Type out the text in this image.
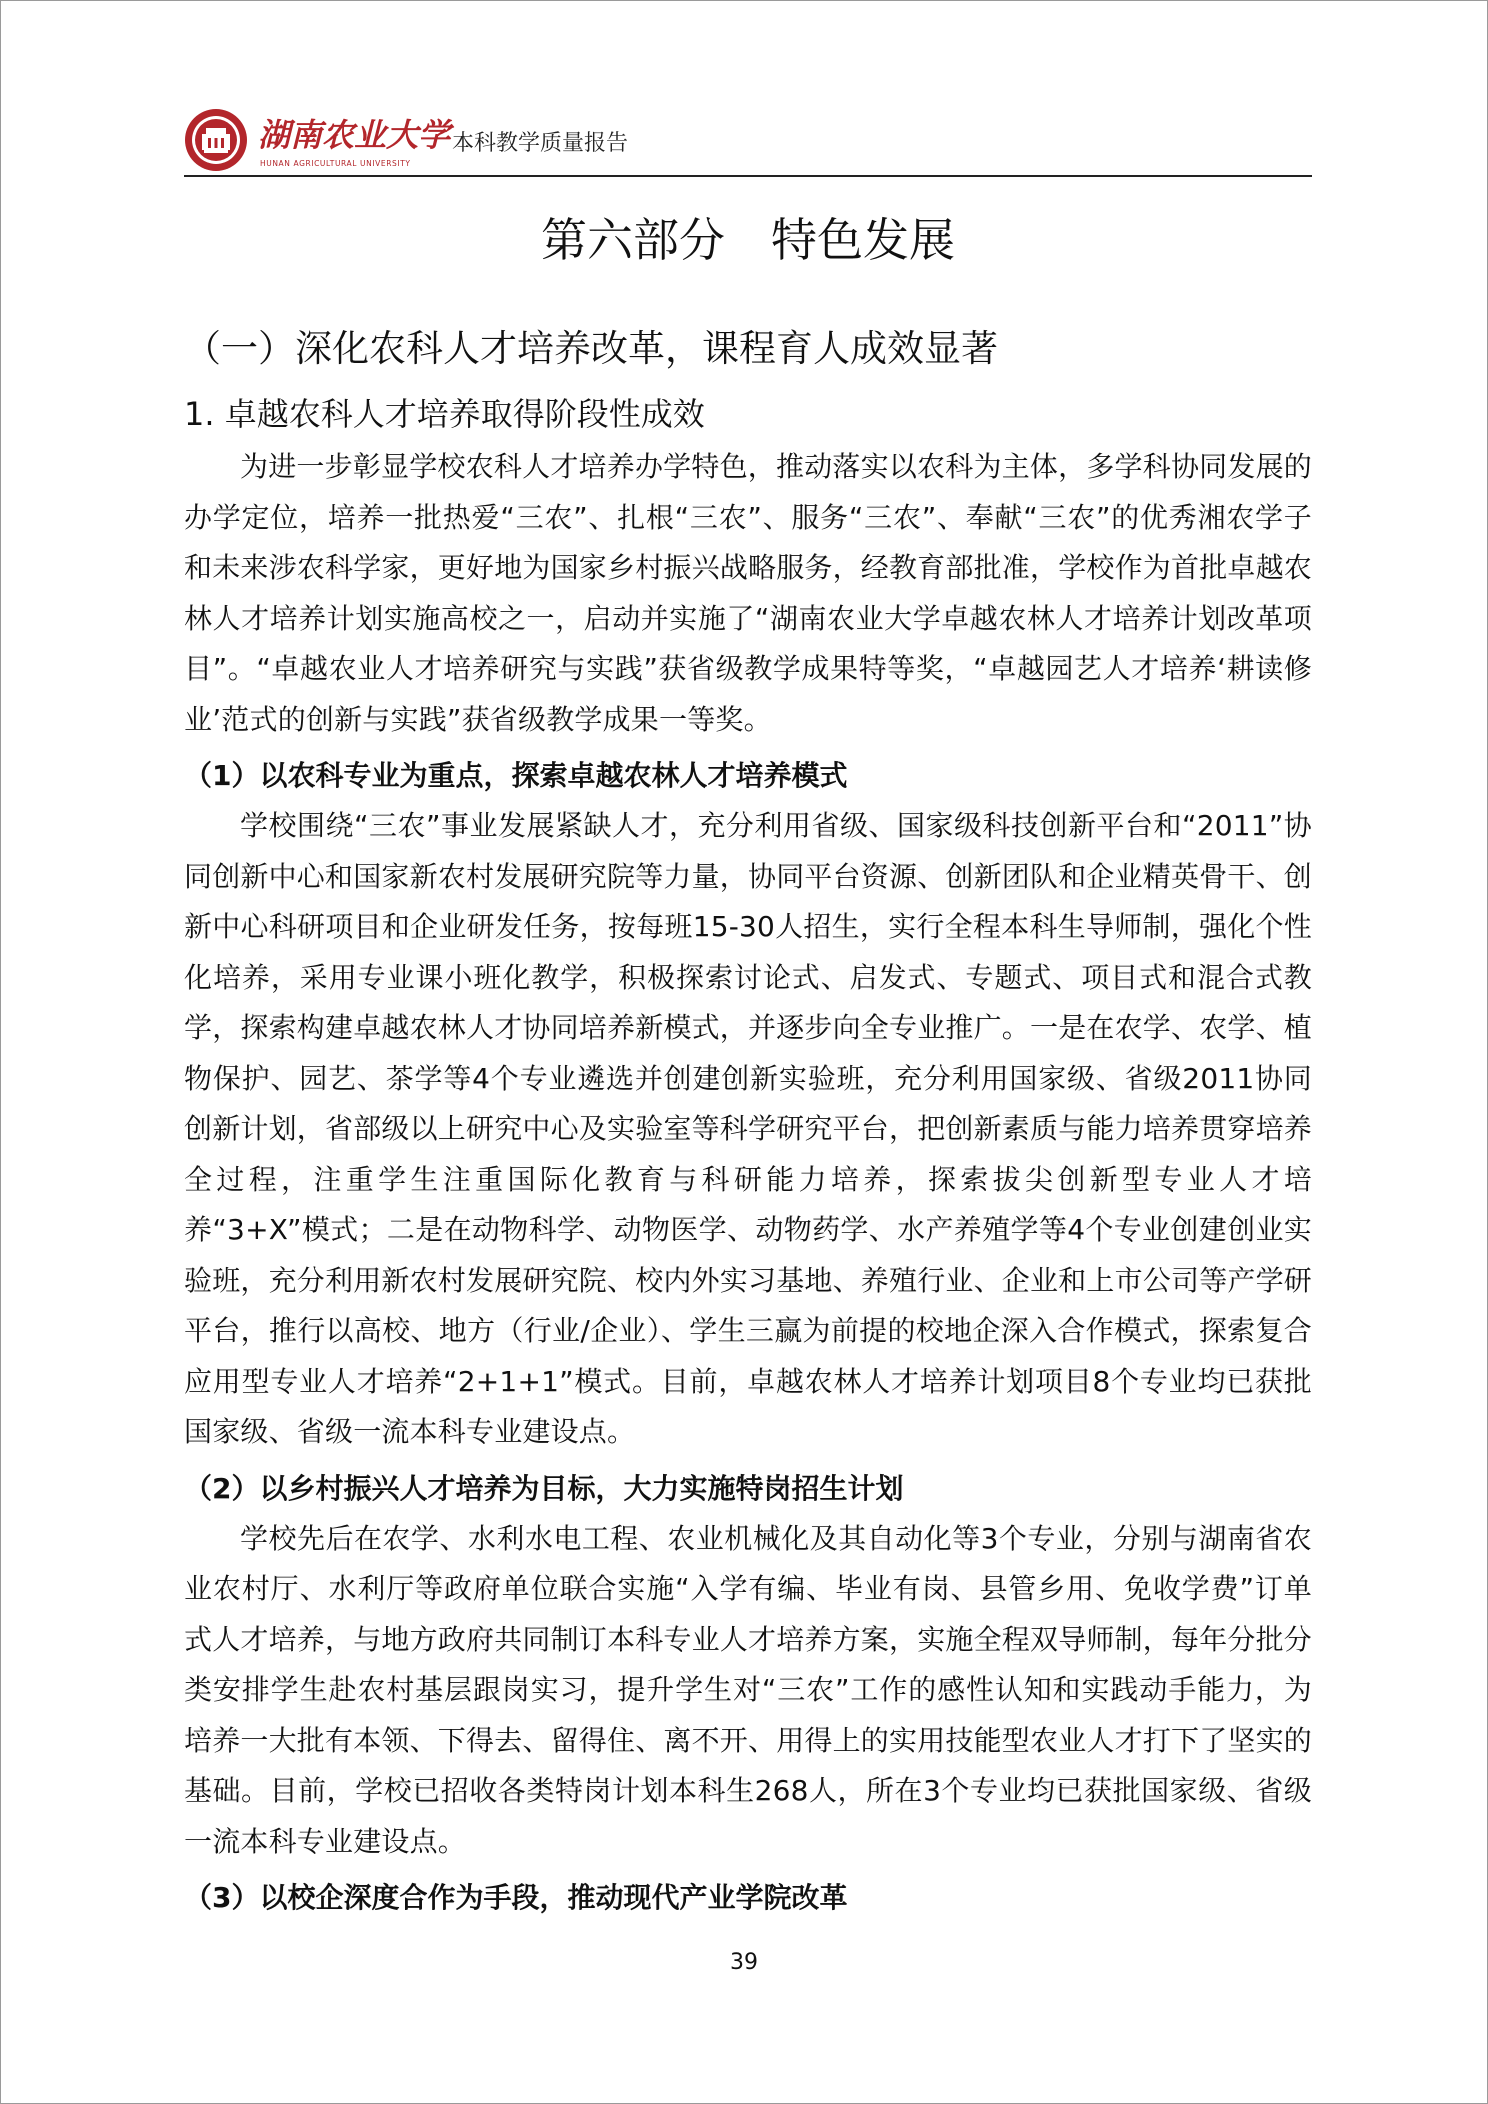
湖南农业大学
HUNAN AGRICULTURAL UNIVERSITY
本科教学质量报告
第六部分　特色发展
（一）深化农科人才培养改革，课程育人成效显著
1. 卓越农科人才培养取得阶段性成效

为进一步彰显学校农科人才培养办学特色，推动落实以农科为主体，多学科协同发展的办学定位，培养一批热爱“三农”、扎根“三农”、服务“三农”、奉献“三农”的优秀湘农学子和未来涉农科学家，更好地为国家乡村振兴战略服务，经教育部批准，学校作为首批卓越农林人才培养计划实施高校之一，启动并实施了“湖南农业大学卓越农林人才培养计划改革项目”。“卓越农业人才培养研究与实践”获省级教学成果特等奖，“卓越园艺人才培养‘耕读修业’范式的创新与实践”获省级教学成果一等奖。

（1）以农科专业为重点，探索卓越农林人才培养模式

学校围绕“三农”事业发展紧缺人才，充分利用省级、国家级科技创新平台和“2011”协同创新中心和国家新农村发展研究院等力量，协同平台资源、创新团队和企业精英骨干、创新中心科研项目和企业研发任务，按每班15-30人招生，实行全程本科生导师制，强化个性化培养，采用专业课小班化教学，积极探索讨论式、启发式、专题式、项目式和混合式教学，探索构建卓越农林人才协同培养新模式，并逐步向全专业推广。一是在农学、农学、植物保护、园艺、茶学等4个专业遴选并创建创新实验班，充分利用国家级、省级2011协同创新计划，省部级以上研究中心及实验室等科学研究平台，把创新素质与能力培养贯穿培养全过程，注重学生注重国际化教育与科研能力培养，探索拔尖创新型专业人才培养“3+X”模式；二是在动物科学、动物医学、动物药学、水产养殖学等4个专业创建创业实验班，充分利用新农村发展研究院、校内外实习基地、养殖行业、企业和上市公司等产学研平台，推行以高校、地方（行业/企业）、学生三赢为前提的校地企深入合作模式，探索复合应用型专业人才培养“2+1+1”模式。目前，卓越农林人才培养计划项目8个专业均已获批国家级、省级一流本科专业建设点。

（2）以乡村振兴人才培养为目标，大力实施特岗招生计划

学校先后在农学、水利水电工程、农业机械化及其自动化等3个专业，分别与湖南省农业农村厅、水利厅等政府单位联合实施“入学有编、毕业有岗、县管乡用、免收学费”订单式人才培养，与地方政府共同制订本科专业人才培养方案，实施全程双导师制，每年分批分类安排学生赴农村基层跟岗实习，提升学生对“三农”工作的感性认知和实践动手能力，为培养一大批有本领、下得去、留得住、离不开、用得上的实用技能型农业人才打下了坚实的基础。目前，学校已招收各类特岗计划本科生268人，所在3个专业均已获批国家级、省级一流本科专业建设点。

（3）以校企深度合作为手段，推动现代产业学院改革
39
